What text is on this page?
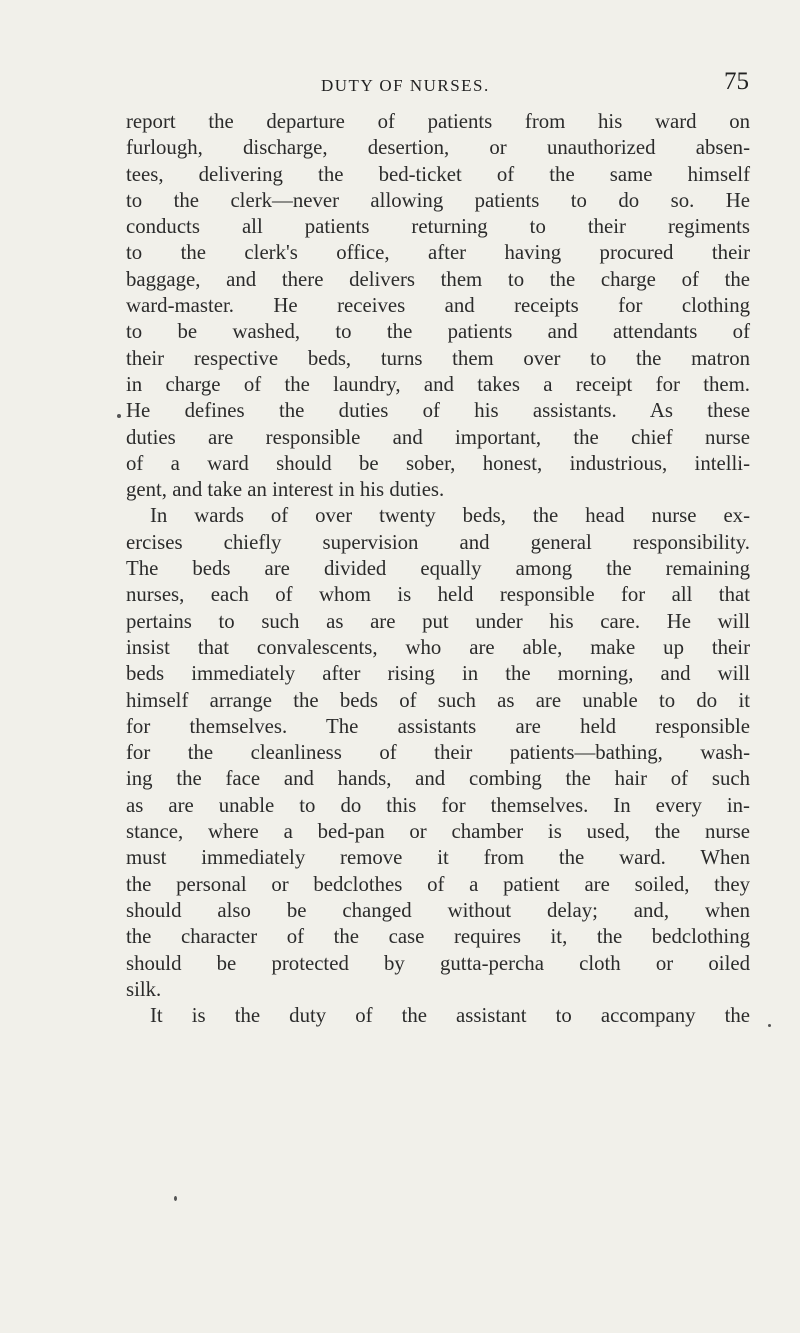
DUTY OF NURSES.	75
report the departure of patients from his ward on
furlough, discharge, desertion, or unauthorized absen-
tees, delivering the bed-ticket of the same himself
to the clerk—never allowing patients to do so. He
conducts all patients returning to their regiments
to the clerk's office, after having procured their
baggage, and there delivers them to the charge of the
ward-master. He receives and receipts for clothing
to be washed, to the patients and attendants of
their respective beds, turns them over to the matron
in charge of the laundry, and takes a receipt for them.
He defines the duties of his assistants. As these
duties are responsible and important, the chief nurse
of a ward should be sober, honest, industrious, intelli-
gent, and take an interest in his duties.
In wards of over twenty beds, the head nurse ex-
ercises chiefly supervision and general responsibility.
The beds are divided equally among the remaining
nurses, each of whom is held responsible for all that
pertains to such as are put under his care. He will
insist that convalescents, who are able, make up their
beds immediately after rising in the morning, and will
himself arrange the beds of such as are unable to do it
for themselves. The assistants are held responsible
for the cleanliness of their patients—bathing, wash-
ing the face and hands, and combing the hair of such
as are unable to do this for themselves. In every in-
stance, where a bed-pan or chamber is used, the nurse
must immediately remove it from the ward. When
the personal or bedclothes of a patient are soiled, they
should also be changed without delay; and, when
the character of the case requires it, the bedclothing
should be protected by gutta-percha cloth or oiled
silk.
It is the duty of the assistant to accompany the
